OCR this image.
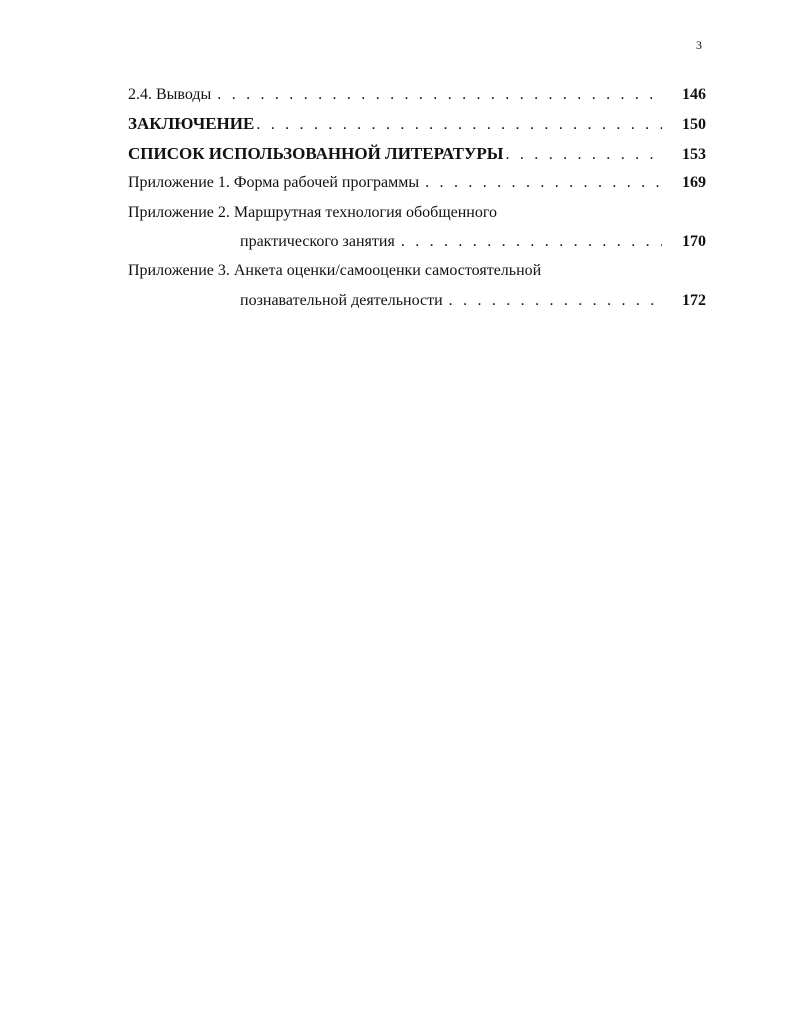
3
2.4. Выводы . . .	146
ЗАКЛЮЧЕНИЕ . . .	150
СПИСОК ИСПОЛЬЗОВАННОЙ ЛИТЕРАТУРЫ . . .	153
Приложение 1. Форма рабочей программы . . .	169
Приложение 2. Маршрутная технология обобщенного
практического занятия . . .	170
Приложение 3. Анкета оценки/самооценки самостоятельной
познавательной деятельности . . .	172
